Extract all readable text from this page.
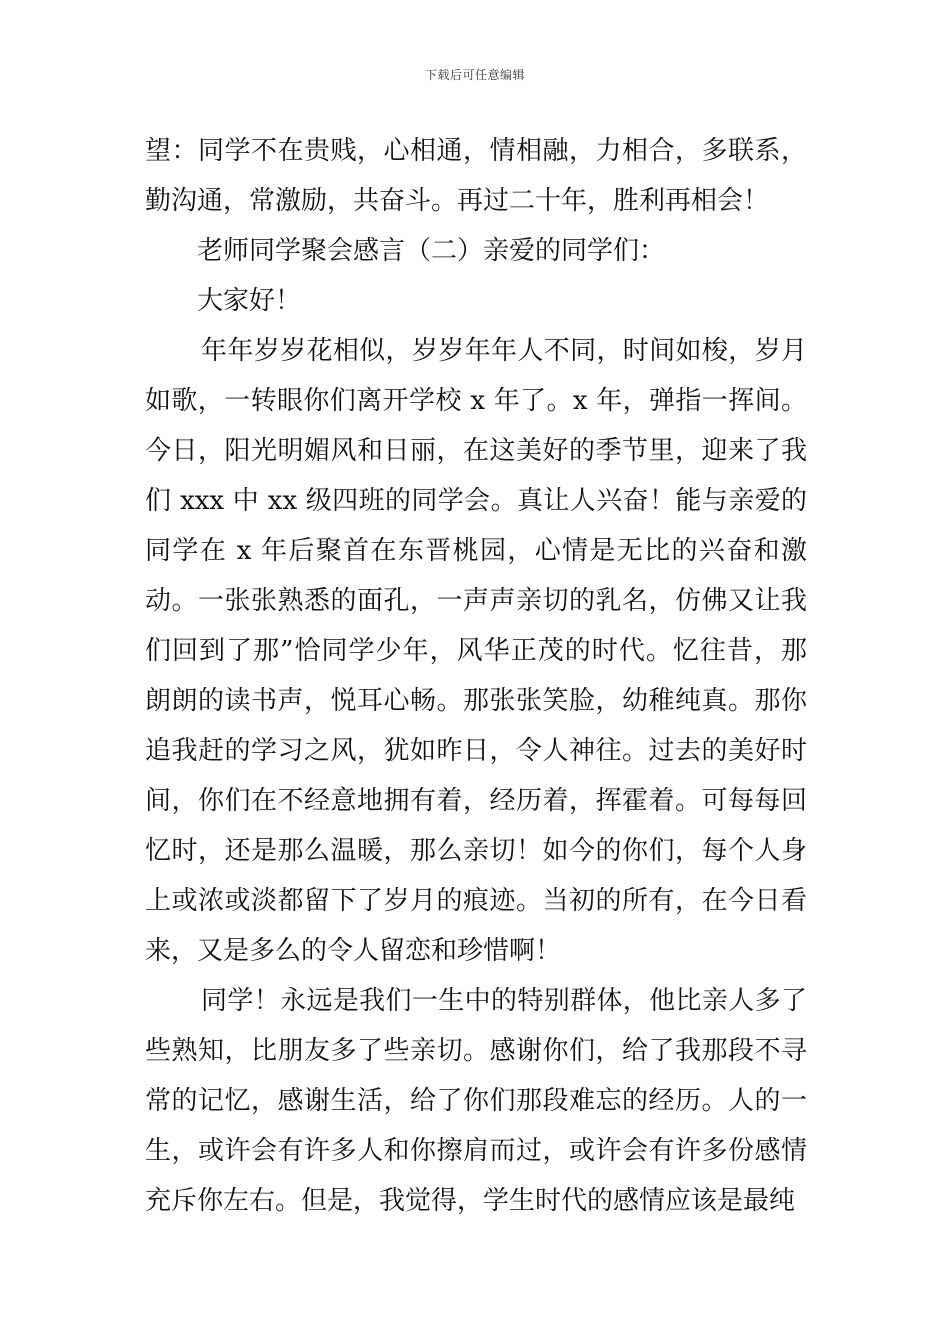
下载后可任意编辑

望：同学不在贵贱，心相通，情相融，力相合，多联系，勤沟通，常激励，共奋斗。再过二十年，胜利再相会！

老师同学聚会感言（二）亲爱的同学们：

大家好！

年年岁岁花相似，岁岁年年人不同，时间如梭，岁月如歌，一转眼你们离开学校 x 年了。x 年，弹指一挥间。今日，阳光明媚风和日丽，在这美好的季节里，迎来了我们 xxx 中 xx 级四班的同学会。真让人兴奋！能与亲爱的同学在 x 年后聚首在东晋桃园，心情是无比的兴奋和激动。一张张熟悉的面孔，一声声亲切的乳名，仿佛又让我们回到了那”恰同学少年，风华正茂的时代。忆往昔，那朗朗的读书声，悦耳心畅。那张张笑脸，幼稚纯真。那你追我赶的学习之风，犹如昨日，令人神往。过去的美好时间，你们在不经意地拥有着，经历着，挥霍着。可每每回忆时，还是那么温暖，那么亲切！如今的你们，每个人身上或浓或淡都留下了岁月的痕迹。当初的所有，在今日看来，又是多么的令人留恋和珍惜啊！

同学！永远是我们一生中的特别群体，他比亲人多了些熟知，比朋友多了些亲切。感谢你们，给了我那段不寻常的记忆，感谢生活，给了你们那段难忘的经历。人的一生，或许会有许多人和你擦肩而过，或许会有许多份感情充斥你左右。但是，我觉得，学生时代的感情应该是最纯
